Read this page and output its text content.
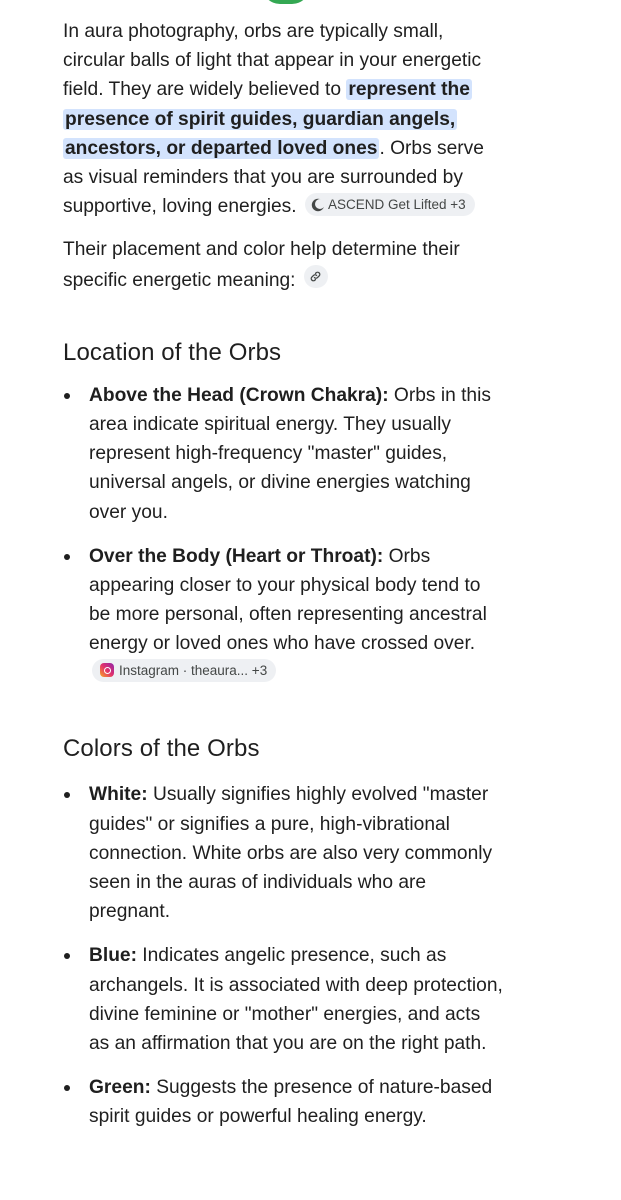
In aura photography, orbs are typically small, circular balls of light that appear in your energetic field. They are widely believed to represent the presence of spirit guides, guardian angels, ancestors, or departed loved ones . Orbs serve as visual reminders that you are surrounded by supportive, loving energies. ASCEND Get Lifted +3

Their placement and color help determine their specific energetic meaning:

Location of the Orbs
Above the Head (Crown Chakra): Orbs in this area indicate spiritual energy. They usually represent high-frequency "master" guides, universal angels, or divine energies watching over you.
Over the Body (Heart or Throat): Orbs appearing closer to your physical body tend to be more personal, often representing ancestral energy or loved ones who have crossed over.
Instagram · theaura... +3
Colors of the Orbs
White: Usually signifies highly evolved "master guides" or signifies a pure, high-vibrational connection. White orbs are also very commonly seen in the auras of individuals who are pregnant.
Blue: Indicates angelic presence, such as archangels. It is associated with deep protection, divine feminine or "mother" energies, and acts as an affirmation that you are on the right path.
Green: Suggests the presence of nature-based spirit guides or powerful healing energy.
